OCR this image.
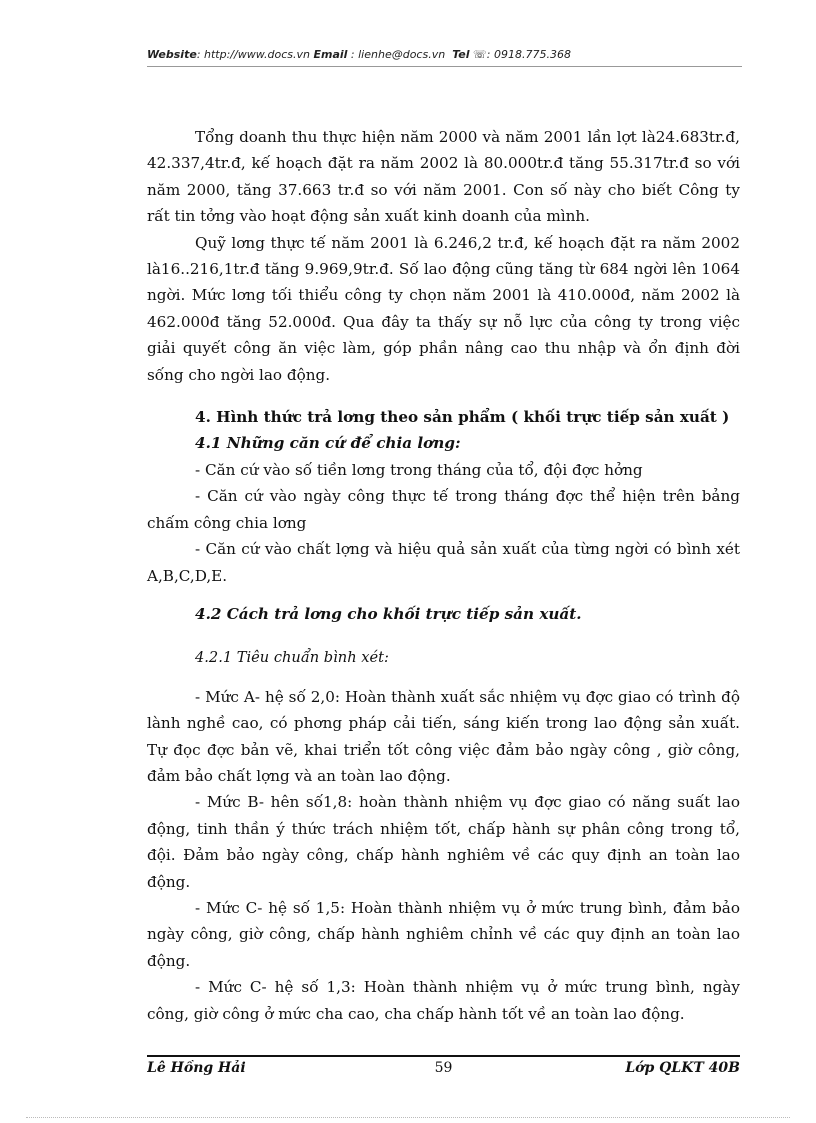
Website: http://www.docs.vn Email : lienhe@docs.vn Tel ☏: 0918.775.368

Tổng doanh thu thực hiện năm 2000 và năm 2001 lần lợt là24.683tr.đ, 42.337,4tr.đ, kế hoạch đặt ra năm 2002 là 80.000tr.đ tăng 55.317tr.đ so với năm 2000, tăng 37.663 tr.đ so với năm 2001. Con số này cho biết Công ty rất tin tởng vào hoạt động sản xuất kinh doanh của mình.

Quỹ lơng thực tế năm 2001 là 6.246,2 tr.đ, kế hoạch đặt ra năm 2002 là16..216,1tr.đ tăng 9.969,9tr.đ. Số lao động cũng tăng từ 684 ngời lên 1064 ngời. Mức lơng tối thiểu công ty chọn năm 2001 là 410.000đ, năm 2002 là 462.000đ tăng 52.000đ. Qua đây ta thấy sự nỗ lực của công ty trong việc giải quyết công ăn việc làm, góp phần nâng cao thu nhập và ổn định đời sống cho ngời lao động.

4. Hình thức trả lơng theo sản phẩm ( khối trực tiếp sản xuất )

4.1 Những căn cứ để chia lơng:

- Căn cứ vào số tiền lơng trong tháng của tổ, đội đợc hởng

- Căn cứ vào ngày công thực tế trong tháng đợc thể hiện trên bảng chấm công chia lơng

- Căn cứ vào chất lợng và hiệu quả sản xuất của từng ngời có bình xét A,B,C,D,E.

4.2 Cách trả lơng cho khối trực tiếp sản xuất.

4.2.1 Tiêu chuẩn bình xét:

- Mức A- hệ số 2,0: Hoàn thành xuất sắc nhiệm vụ đợc giao có trình độ lành nghề cao, có phơng pháp cải tiến, sáng kiến trong lao động sản xuất. Tự đọc đợc bản vẽ, khai triển tốt công việc đảm bảo ngày công , giờ công, đảm bảo chất lợng và an toàn lao động.

- Mức B- hên số1,8: hoàn thành nhiệm vụ đợc giao có năng suất lao động, tinh thần ý thức trách nhiệm tốt, chấp hành sự phân công trong tổ, đội. Đảm bảo ngày công, chấp hành nghiêm về các quy định an toàn lao động.

- Mức C- hệ số 1,5: Hoàn thành nhiệm vụ ở mức trung bình, đảm bảo ngày công, giờ công, chấp hành nghiêm chỉnh về các quy định an toàn lao động.

- Mức C- hệ số 1,3: Hoàn thành nhiệm vụ ở mức trung bình, ngày công, giờ công ở mức cha cao, cha chấp hành tốt về an toàn lao động.

Lê Hồng Hải	59	Lớp QLKT 40B
